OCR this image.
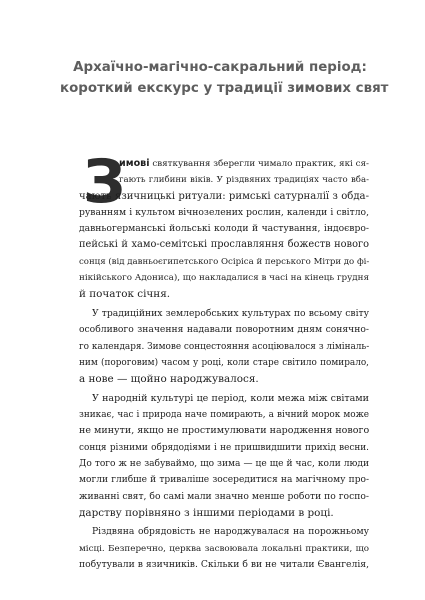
Архаїчно-магічно-сакральний період:
короткий екскурс у традиції зимових свят
З

имові святкування зберегли чимало практик, які ся-
гають глибини віків. У різдвяних традиціях часто вба-
чають язичницькі ритуали: римські сатурналії з обда-
руванням і культом вічнозелених рослин, календи і світло,
давньогерманські йольські колоди й частування, індоєвро-
пейські й хамо-семітські прославляння божеств нового
сонця (від давньоєгипетського Осіріса й перського Мітри до фі-
нікійського Адониса), що накладалися в часі на кінець грудня
й початок січня.

У традиційних землеробських культурах по всьому світу
особливого значення надавали поворотним дням сонячно-
го календаря. Зимове сонцестояння асоціювалося з ліміналь-
ним (пороговим) часом у році, коли старе світило помирало,
а нове — щойно народжувалося.

У народній культурі це період, коли межа між світами
зникає, час і природа наче помирають, а вічний морок може
не минути, якщо не простимулювати народження нового
сонця різними обрядодіями і не пришвидшити прихід весни.
До того ж не забуваймо, що зима — це ще й час, коли люди
могли глибше й триваліше зосередитися на магічному про-
живанні свят, бо самі мали значно менше роботи по госпо-
дарству порівняно з іншими періодами в році.

Різдвяна обрядовість не народжувалася на порожньому
місці. Безперечно, церква засвоювала локальні практики, що
побутували в язичників. Скільки б ви не читали Євангелія,
